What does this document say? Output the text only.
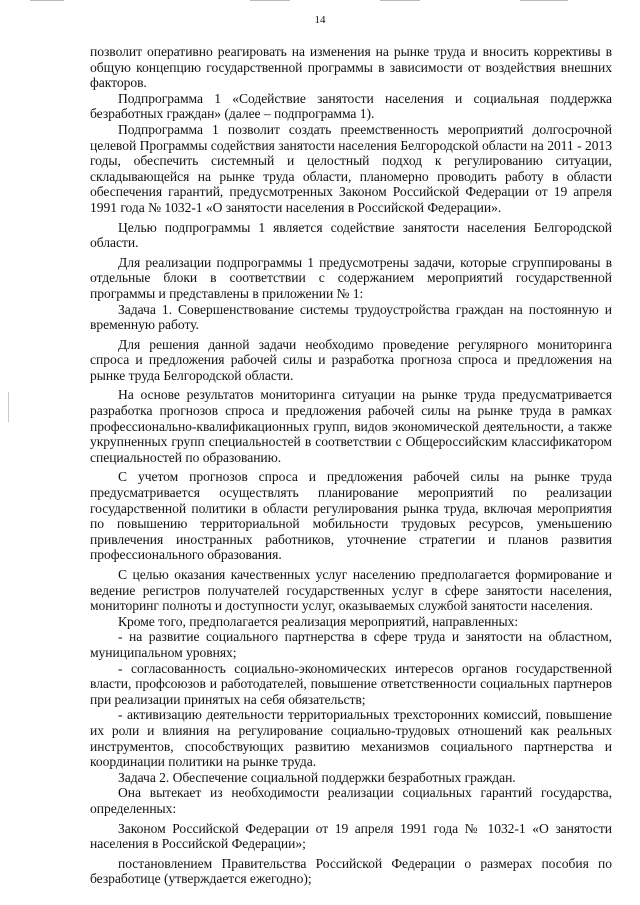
14

позволит оперативно реагировать на изменения на рынке труда и вносить коррективы в общую концепцию государственной программы в зависимости от воздействия внешних факторов.

Подпрограмма 1 «Содействие занятости населения и социальная поддержка безработных граждан» (далее – подпрограмма 1).

Подпрограмма 1 позволит создать преемственность мероприятий долгосрочной целевой Программы содействия занятости населения Белгородской области на 2011 - 2013 годы, обеспечить системный и целостный подход к регулированию ситуации, складывающейся на рынке труда области, планомерно проводить работу в области обеспечения гарантий, предусмотренных Законом Российской Федерации от 19 апреля 1991 года № 1032-1 «О занятости населения в Российской Федерации».

Целью подпрограммы 1 является содействие занятости населения Белгородской области.

Для реализации подпрограммы 1 предусмотрены задачи, которые сгруппированы в отдельные блоки в соответствии с содержанием мероприятий государственной программы и представлены в приложении № 1:

Задача 1. Совершенствование системы трудоустройства граждан на постоянную и временную работу.

Для решения данной задачи необходимо проведение регулярного мониторинга спроса и предложения рабочей силы и разработка прогноза спроса и предложения на рынке труда Белгородской области.

На основе результатов мониторинга ситуации на рынке труда предусматривается разработка прогнозов спроса и предложения рабочей силы на рынке труда в рамках профессионально-квалификационных групп, видов экономической деятельности, а также укрупненных групп специальностей в соответствии с Общероссийским классификатором специальностей по образованию.

С учетом прогнозов спроса и предложения рабочей силы на рынке труда предусматривается осуществлять планирование мероприятий по реализации государственной политики в области регулирования рынка труда, включая мероприятия по повышению территориальной мобильности трудовых ресурсов, уменьшению привлечения иностранных работников, уточнение стратегии и планов развития профессионального образования.

С целью оказания качественных услуг населению предполагается формирование и ведение регистров получателей государственных услуг в сфере занятости населения, мониторинг полноты и доступности услуг, оказываемых службой занятости населения.

Кроме того, предполагается реализация мероприятий, направленных:

- на развитие социального партнерства в сфере труда и занятости на областном, муниципальном уровнях;

- согласованность социально-экономических интересов органов государственной власти, профсоюзов и работодателей, повышение ответственности социальных партнеров при реализации принятых на себя обязательств;

- активизацию деятельности территориальных трехсторонних комиссий, повышение их роли и влияния на регулирование социально-трудовых отношений как реальных инструментов, способствующих развитию механизмов социального партнерства и координации политики на рынке труда.

Задача 2. Обеспечение социальной поддержки безработных граждан.

Она вытекает из необходимости реализации социальных гарантий государства, определенных:

Законом Российской Федерации от 19 апреля 1991 года № 1032-1 «О занятости населения в Российской Федерации»;

постановлением Правительства Российской Федерации о размерах пособия по безработице (утверждается ежегодно);
